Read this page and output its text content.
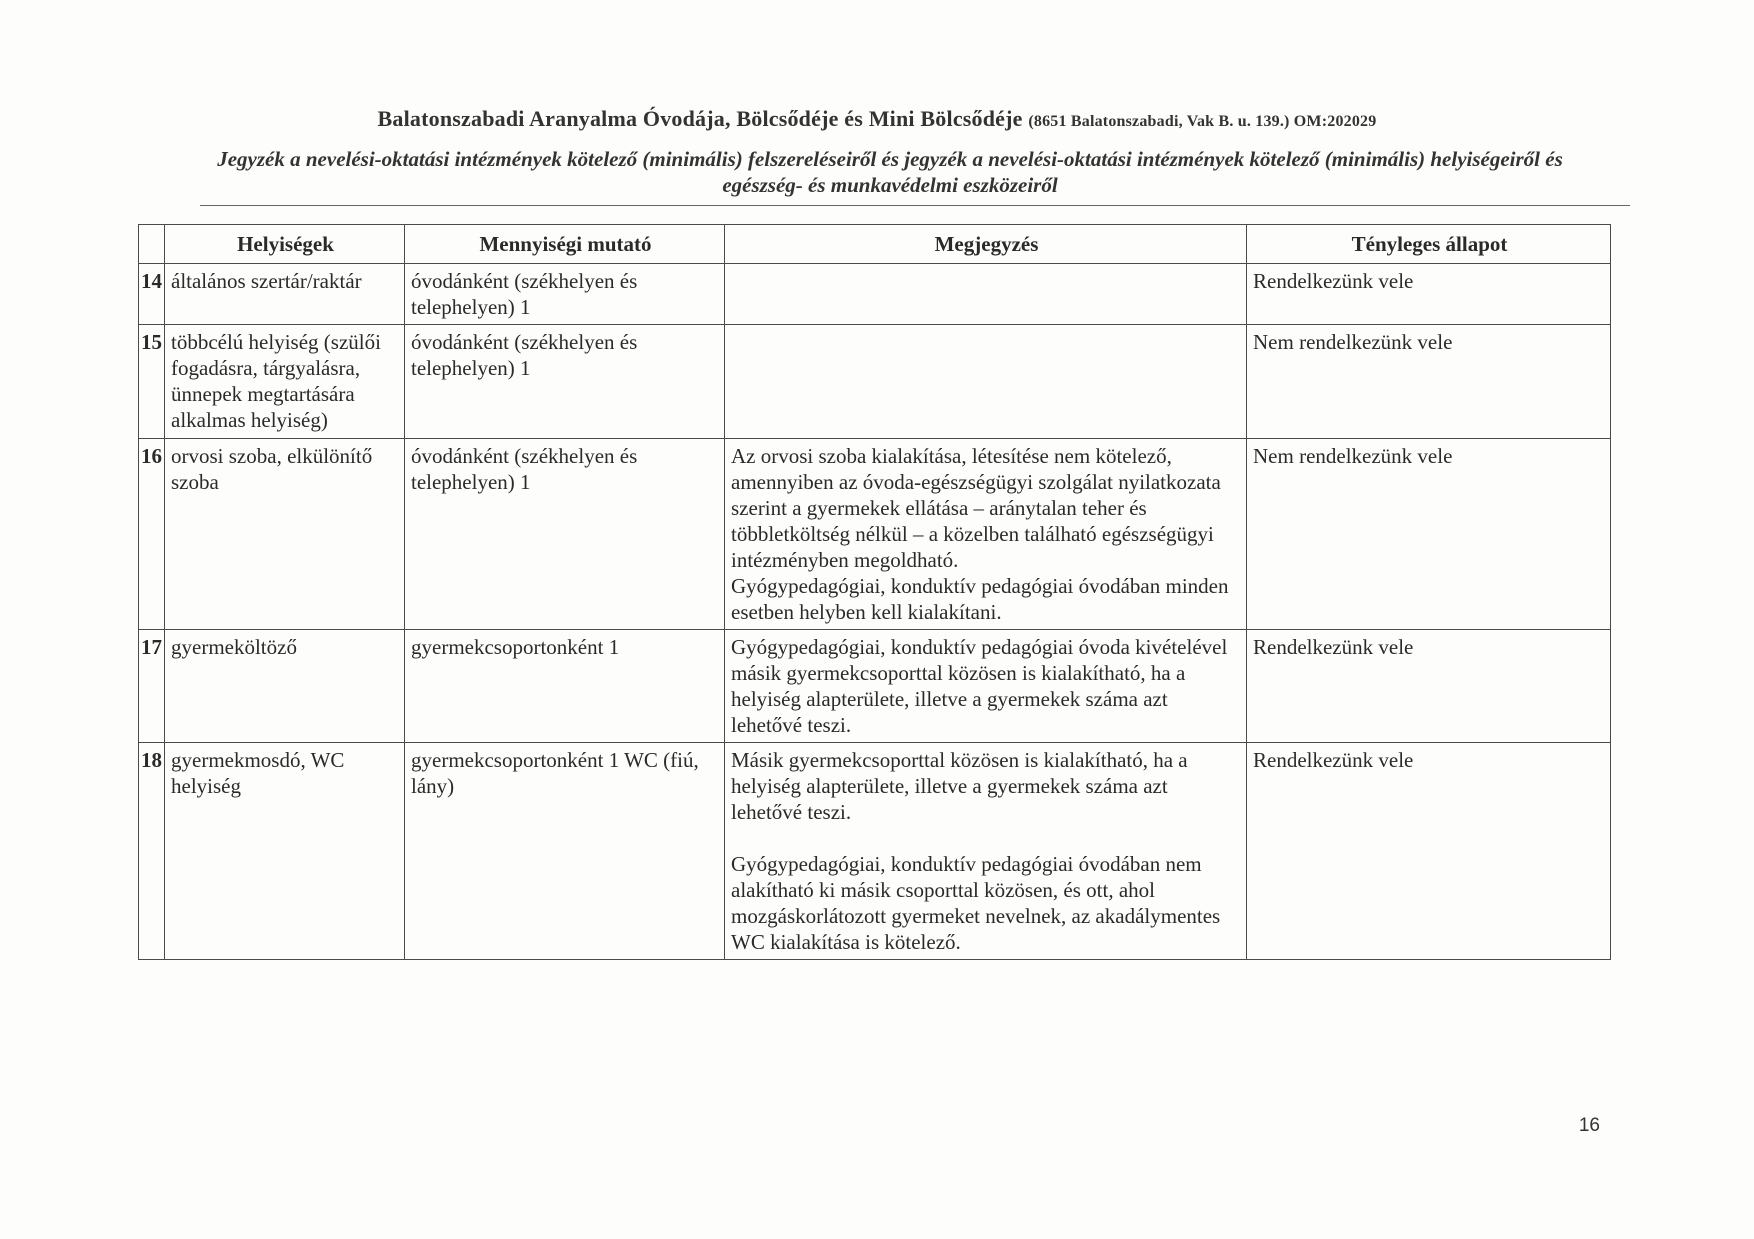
Balatonszabadi Aranyalma Óvodája, Bölcsődéje és Mini Bölcsődéje (8651 Balatonszabadi, Vak B. u. 139.) OM:202029
Jegyzék a nevelési-oktatási intézmények kötelező (minimális) felszereléseiről és jegyzék a nevelési-oktatási intézmények kötelező (minimális) helyiségeiről és egészség- és munkavédelmi eszközeiről
	Helyiségek	Mennyiségi mutató	Megjegyzés	Tényleges állapot
14	általános szertár/raktár	óvodánként (székhelyen és telephelyen) 1		Rendelkezünk vele
15	többcélú helyiség (szülői fogadásra, tárgyalásra, ünnepek megtartására alkalmas helyiség)	óvodánként (székhelyen és telephelyen) 1		Nem rendelkezünk vele
16	orvosi szoba, elkülönítő szoba	óvodánként (székhelyen és telephelyen) 1	Az orvosi szoba kialakítása, létesítése nem kötelező, amennyiben az óvoda-egészségügyi szolgálat nyilatkozata szerint a gyermekek ellátása – aránytalan teher és többletköltség nélkül – a közelben található egészségügyi intézményben megoldható.
Gyógypedagógiai, konduktív pedagógiai óvodában minden esetben helyben kell kialakítani.	Nem rendelkezünk vele
17	gyermeköltöző	gyermekcsoportonként 1	Gyógypedagógiai, konduktív pedagógiai óvoda kivételével másik gyermekcsoporttal közösen is kialakítható, ha a helyiség alapterülete, illetve a gyermekek száma azt lehetővé teszi.	Rendelkezünk vele
18	gyermekmosdó, WC helyiség	gyermekcsoportonként 1 WC (fiú, lány)	Másik gyermekcsoporttal közösen is kialakítható, ha a helyiség alapterülete, illetve a gyermekek száma azt lehetővé teszi.
Gyógypedagógiai, konduktív pedagógiai óvodában nem alakítható ki másik csoporttal közösen, és ott, ahol mozgáskorlátozott gyermeket nevelnek, az akadálymentes WC kialakítása is kötelező.	Rendelkezünk vele
16
